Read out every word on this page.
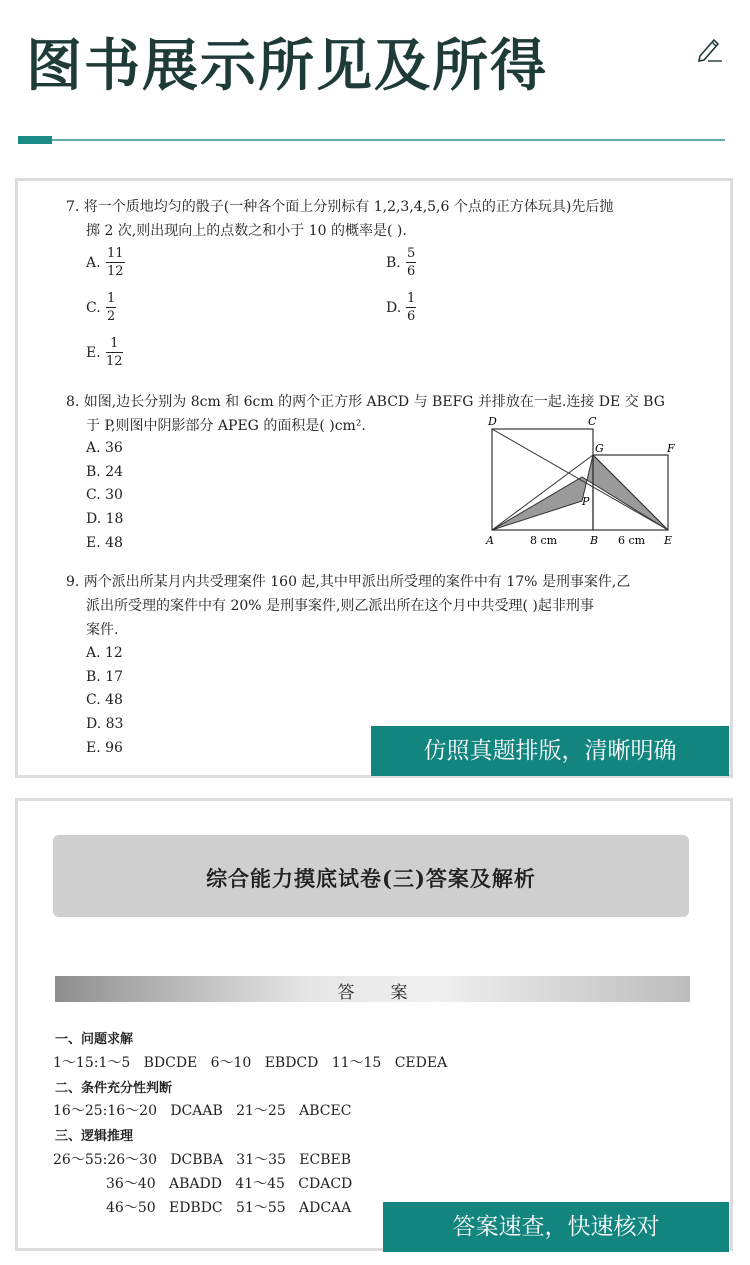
图书展示所见及所得
7. 将一个质地均匀的骰子(一种各个面上分别标有 1,2,3,4,5,6 个点的正方体玩具)先后抛
掷 2 次,则出现向上的点数之和小于 10 的概率是( ).
A. $\frac{11}{12}$	B. $\frac{5}{6}$
C. $\frac{1}{2}$	D. $\frac{1}{6}$
E. $\frac{1}{12}$
8. 如图,边长分别为 8cm 和 6cm 的两个正方形 ABCD 与 BEFG 并排放在一起.连接 DE 交 BG
于 P,则图中阴影部分 APEG 的面积是( )cm².
A. 36
B. 24
C. 30
D. 18
E. 48
D	C
G	F
P
A	B	E
8 cm	6 cm
9. 两个派出所某月内共受理案件 160 起,其中甲派出所受理的案件中有 17% 是刑事案件,乙
派出所受理的案件中有 20% 是刑事案件,则乙派出所在这个月中共受理( )起非刑事
案件.
A. 12
B. 17
C. 48
D. 83
E. 96	仿照真题排版，清晰明确
综合能力摸底试卷(三)答案及解析
答案
一、问题求解
1～15:1～5   BDCDE   6～10   EBDCD   11～15   CEDEA
二、条件充分性判断
16～25:16～20   DCAAB   21～25   ABCEC
三、逻辑推理
26～55:26～30   DCBBA   31～35   ECBEB
36～40   ABADD   41～45   CDACD
46～50   EDBDC   51～55   ADCAA
答案速查，快速核对
